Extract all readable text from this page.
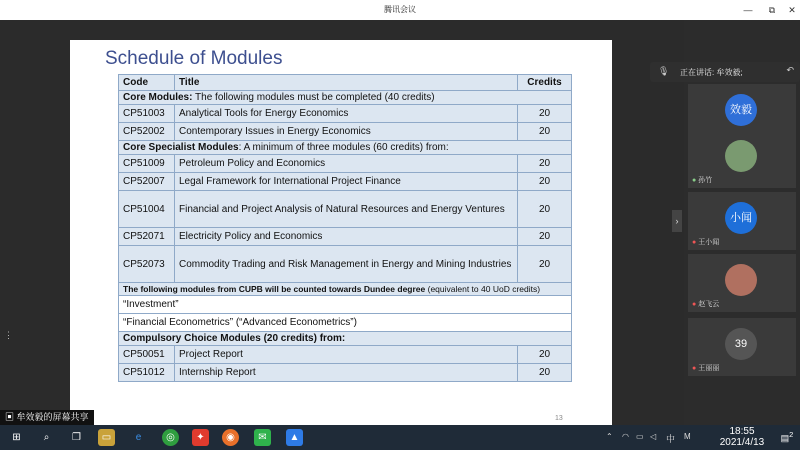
腾讯会议	—	⧉	✕
Schedule of Modules
Code	Title	Credits
Core Modules: The following modules must be completed (40 credits)		
CP51003	Analytical Tools for Energy Economics	20
CP52002	Contemporary Issues in Energy Economics	20
Core Specialist Modules: A minimum of three modules (60 credits) from:		
CP51009	Petroleum Policy and Economics	20
CP52007	Legal Framework for International Project Finance	20
CP51004	Financial and Project Analysis of Natural Resources and Energy Ventures	20
CP52071	Electricity Policy and Economics	20
CP52073	Commodity Trading and Risk Management in Energy and Mining Industries	20
The following modules from CUPB will be counted towards Dundee degree (equivalent to 40 UoD credits)		
“Investment”		
“Financial Econometrics” (“Advanced Econometrics”)		
Compulsory Choice Modules (20 credits) from:		
CP50051	Project Report	20
CP51012	Internship Report	20
13
⋮
▣ 牟效毅的屏幕共享
›
🎙 正在讲话: 牟效毅;	↶
效毅
● 孙竹
小闻
● 王小闻
● 赵飞云
39
● 王丽丽
⊞	⌕	❐	▭	e	◎	✦	◉	✉	▲	⌃ ◠ ▭ ◁ 中 M	18:55
2021/4/13	▤$^2$
